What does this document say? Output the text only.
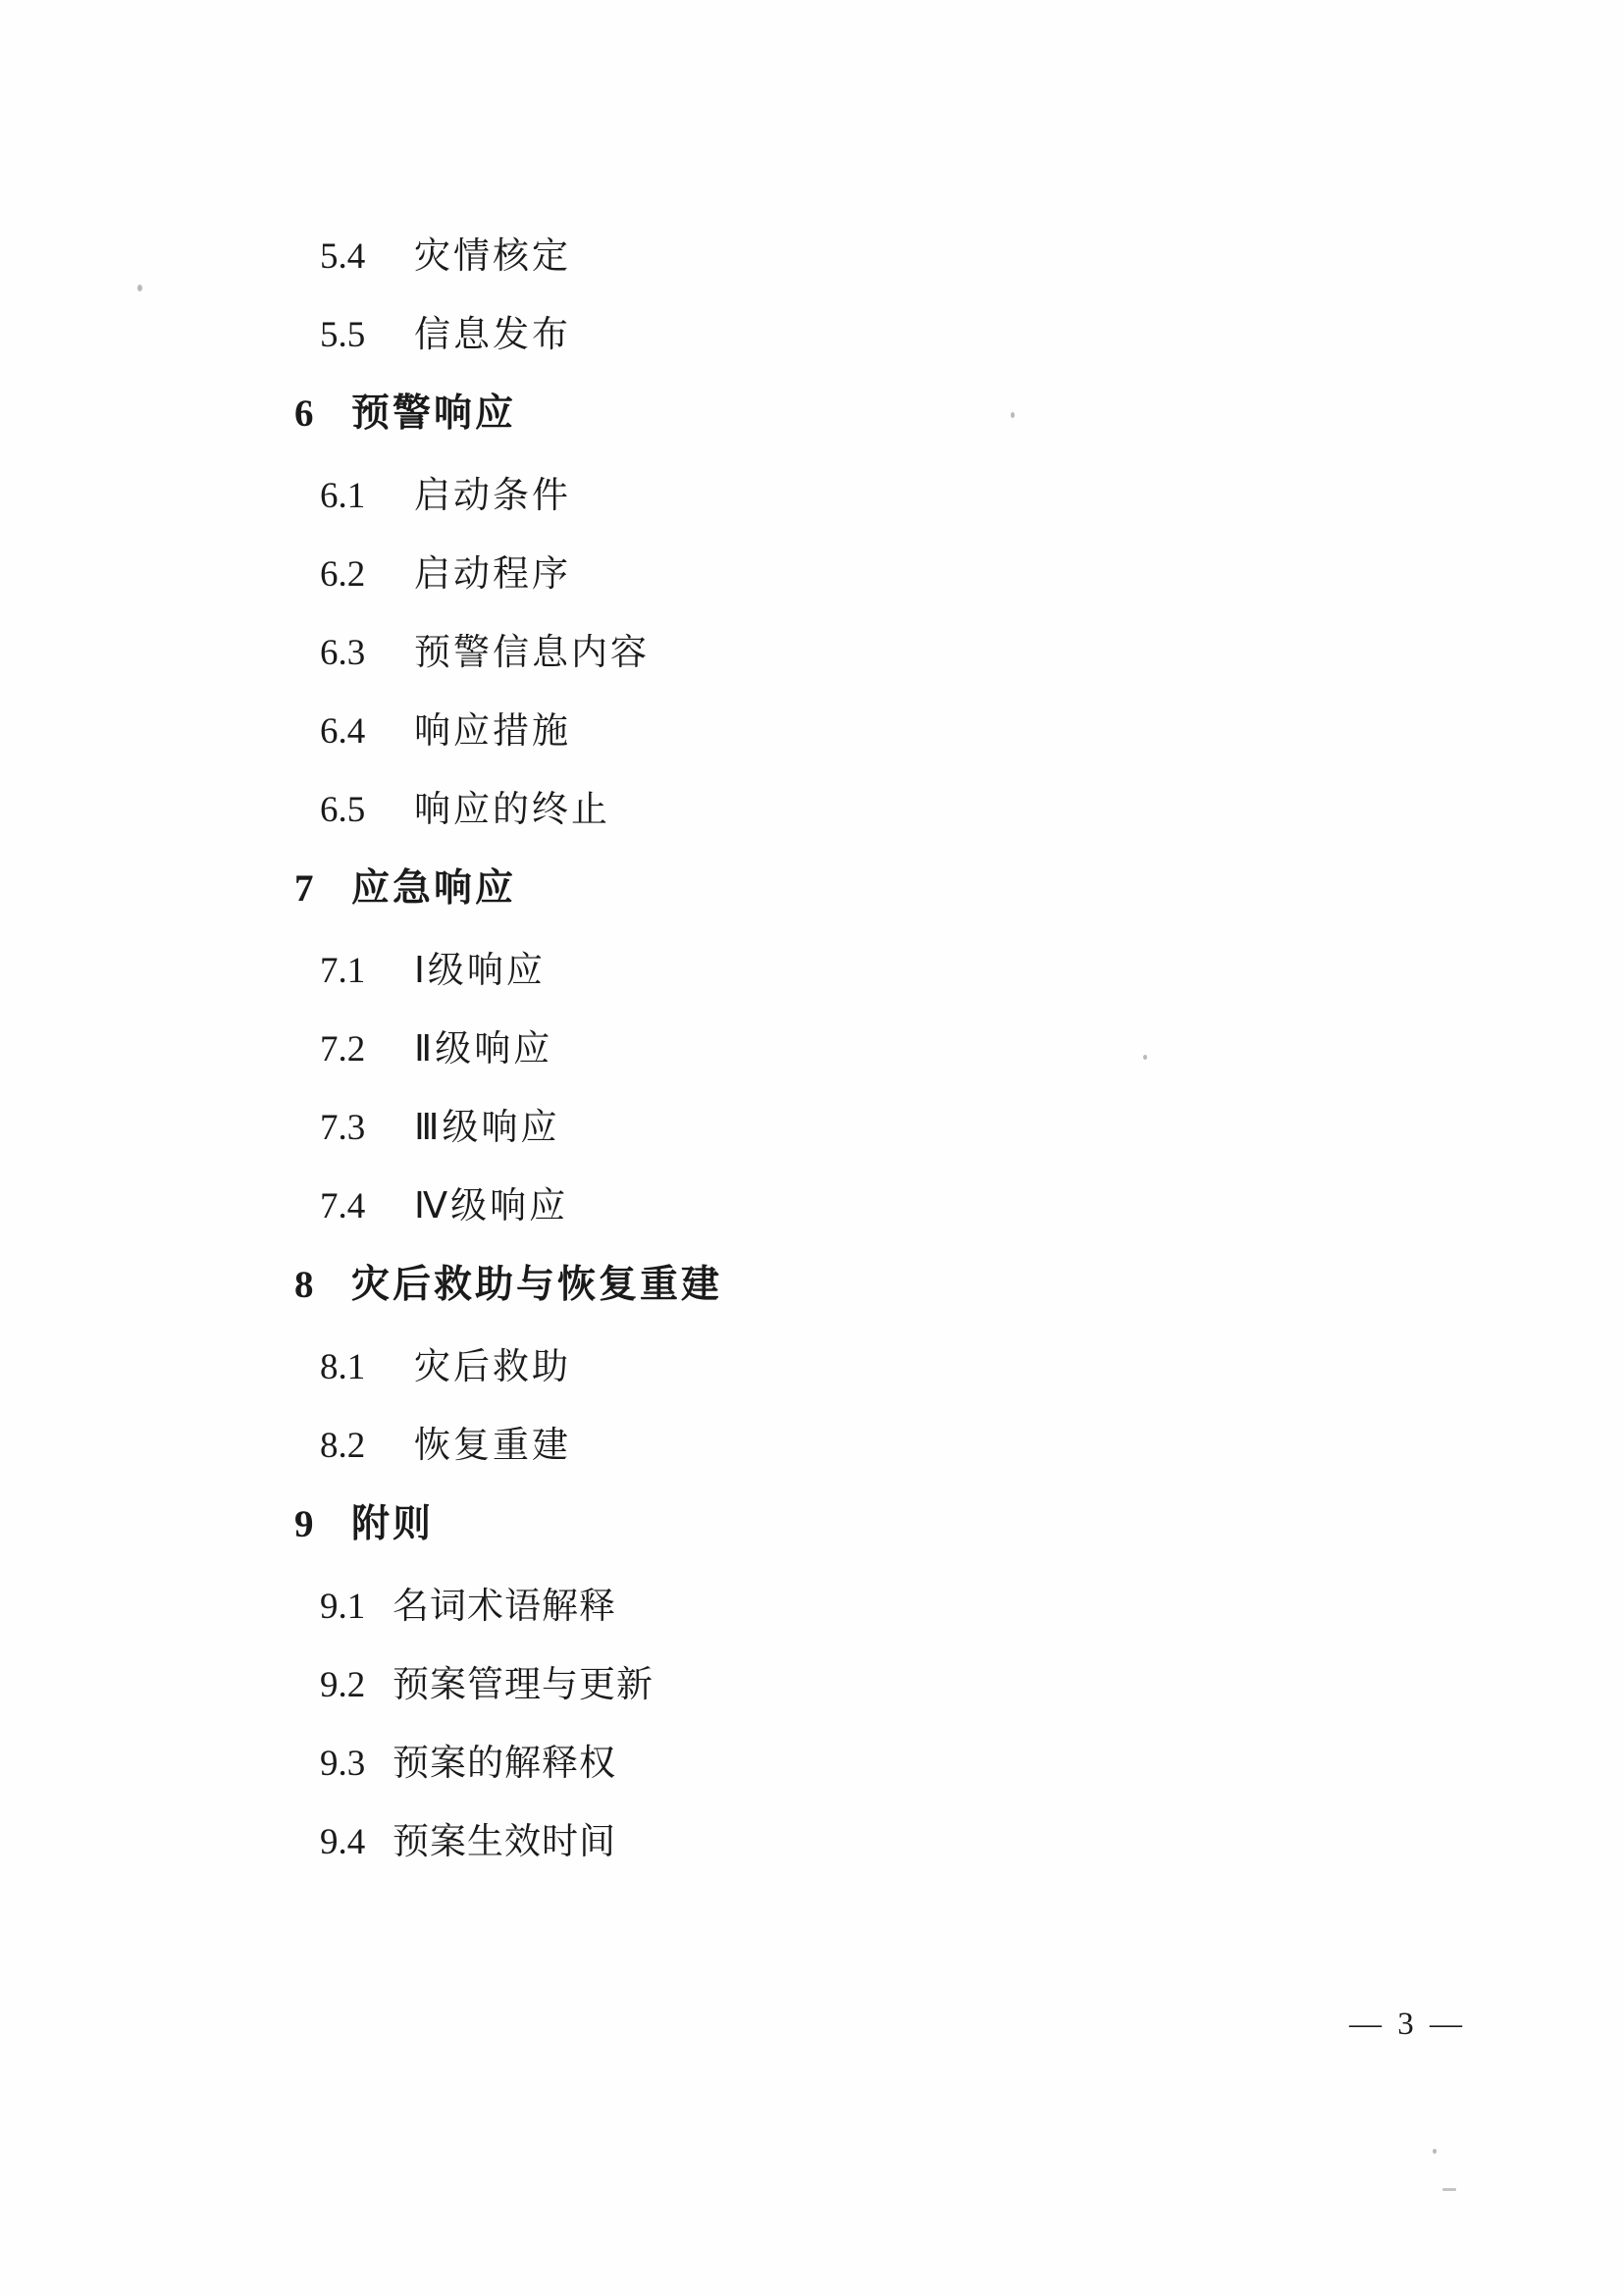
5.4	灾情核定
5.5	信息发布
6 预警响应
6.1	启动条件
6.2	启动程序
6.3	预警信息内容
6.4	响应措施
6.5	响应的终止
7 应急响应
7.1	Ⅰ级响应
7.2	Ⅱ级响应
7.3	Ⅲ级响应
7.4	Ⅳ级响应
8 灾后救助与恢复重建
8.1	灾后救助
8.2	恢复重建
9 附则
9.1 名词术语解释
9.2 预案管理与更新
9.3 预案的解释权
9.4 预案生效时间
— 3 —
